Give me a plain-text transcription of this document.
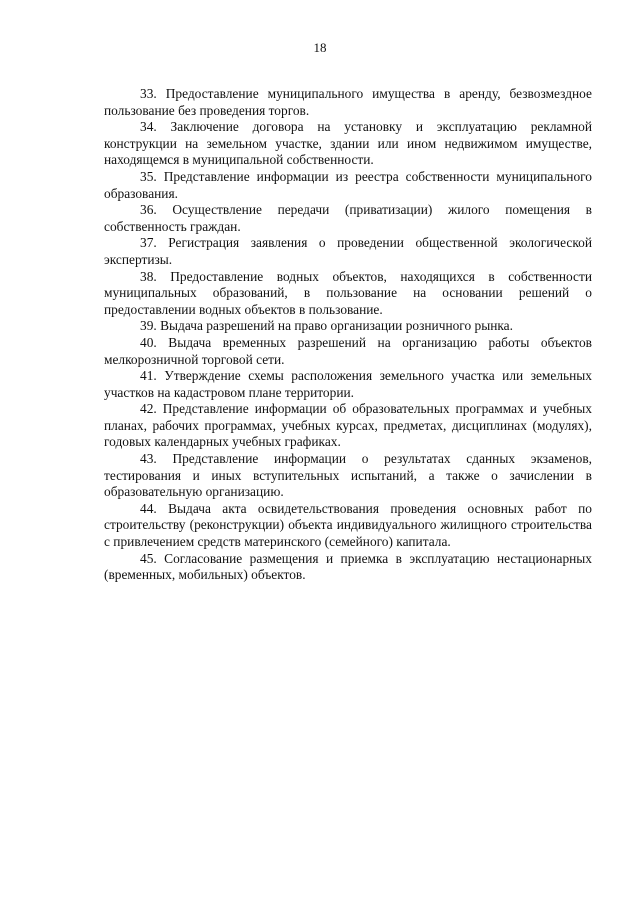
18

33. Предоставление муниципального имущества в аренду, безвозмездное пользование без проведения торгов.

34. Заключение договора на установку и эксплуатацию рекламной конструкции на земельном участке, здании или ином недвижимом имуществе, находящемся в муниципальной собственности.

35. Представление информации из реестра собственности муниципального образования.

36. Осуществление передачи (приватизации) жилого помещения в собственность граждан.

37. Регистрация заявления о проведении общественной экологической экспертизы.

38. Предоставление водных объектов, находящихся в собственности муниципальных образований, в пользование на основании решений о предоставлении водных объектов в пользование.

39. Выдача разрешений на право организации розничного рынка.

40. Выдача временных разрешений на организацию работы объектов мелкорозничной торговой сети.

41. Утверждение схемы расположения земельного участка или земельных участков на кадастровом плане территории.

42. Представление информации об образовательных программах и учебных планах, рабочих программах, учебных курсах, предметах, дисциплинах (модулях), годовых календарных учебных графиках.

43. Представление информации о результатах сданных экзаменов, тестирования и иных вступительных испытаний, а также о зачислении в образовательную организацию.

44. Выдача акта освидетельствования проведения основных работ по строительству (реконструкции) объекта индивидуального жилищного строительства с привлечением средств материнского (семейного) капитала.

45. Согласование размещения и приемка в эксплуатацию нестационарных (временных, мобильных) объектов.
